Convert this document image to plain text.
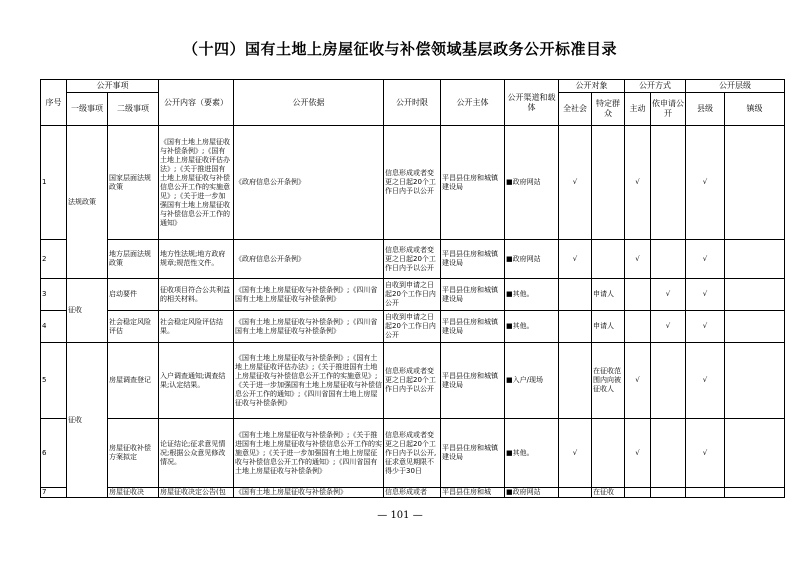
（十四）国有土地上房屋征收与补偿领域基层政务公开标准目录
序号	公开事项		公开内容（要素）	公开依据	公开时限	公开主体	公开渠道和载体	公开对象		公开方式		公开层级	
	一级事项	二级事项						全社会	特定群众	主动	依申请公开	县级	镇级
1	法规政策	国家层面法规政策	《国有土地上房屋征收与补偿条例》;《国有土地上房屋征收评估办法》;《关于推进国有土地上房屋征收与补偿信息公开工作的实施意见》;《关于进一步加强国有土地上房屋征收与补偿信息公开工作的通知》	《政府信息公开条例》	信息形成或者变更之日起20个工作日内予以公开	平昌县住房和城镇建设局	■政府网站	√		√		√	
2		地方层面法规政策	地方性法规;地方政府规章;规范性文件。	《政府信息公开条例》	信息形成或者变更之日起20个工作日内予以公开	平昌县住房和城镇建设局	■政府网站	√		√		√	
3	征收	启动要件	征收项目符合公共利益的相关材料。	《国有土地上房屋征收与补偿条例》;《四川省国有土地上房屋征收与补偿条例》	自收到申请之日起20个工作日内公开	平昌县住房和城镇建设局	■其他。		申请人		√	√	
4		社会稳定风险评估	社会稳定风险评估结果。	《国有土地上房屋征收与补偿条例》;《四川省国有土地上房屋征收与补偿条例》	自收到申请之日起20个工作日内公开	平昌县住房和城镇建设局	■其他。		申请人		√	√	
5	征收	房屋调查登记	入户调查通知;调查结果;认定结果。	《国有土地上房屋征收与补偿条例》;《国有土地上房屋征收评估办法》;《关于推进国有土地上房屋征收与补偿信息公开工作的实施意见》;《关于进一步加强国有土地上房屋征收与补偿信息公开工作的通知》;《四川省国有土地上房屋征收与补偿条例》	信息形成或者变更之日起20个工作日内予以公开	平昌县住房和城镇建设局	■入户/现场		在征收范围内向被征收人	√		√	
6		房屋征收补偿方案拟定	论证结论;征求意见情况;根据公众意见修改情况。	《国有土地上房屋征收与补偿条例》;《关于推进国有土地上房屋征收与补偿信息公开工作的实施意见》;《关于进一步加强国有土地上房屋征收与补偿信息公开工作的通知》;《四川省国有土地上房屋征收与补偿条例》	信息形成或者变更之日起20个工作日内予以公开,征求意见期限不得少于30日	平昌县住房和城镇建设局	■其他。	√		√		√	
7		房屋征收决	房屋征收决定公告(包	《国有土地上房屋征收与补偿条例》	信息形成或者	平昌县住房和城	■政府网站		在征收				
— 101 —
